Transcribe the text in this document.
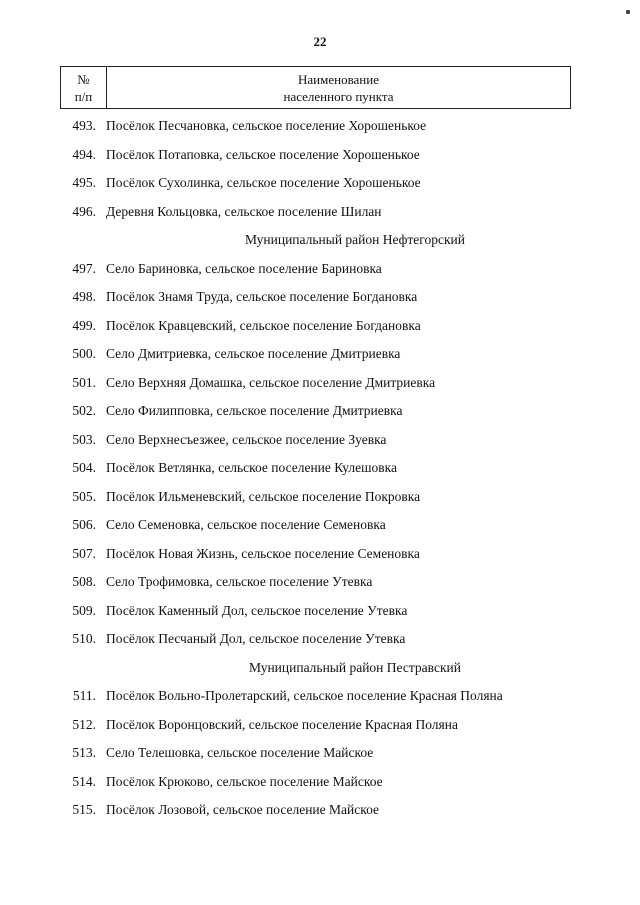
22
№
п/п
Наименование
населенного пункта
493. Посёлок Песчановка, сельское поселение Хорошенькое
494. Посёлок Потаповка, сельское поселение Хорошенькое
495. Посёлок Сухолинка, сельское поселение Хорошенькое
496. Деревня Кольцовка, сельское поселение Шилан
Муниципальный район Нефтегорский
497. Село Бариновка, сельское поселение Бариновка
498. Посёлок Знамя Труда, сельское поселение Богдановка
499. Посёлок Кравцевский, сельское поселение Богдановка
500. Село Дмитриевка, сельское поселение Дмитриевка
501. Село Верхняя Домашка, сельское поселение Дмитриевка
502. Село Филипповка, сельское поселение Дмитриевка
503. Село Верхнесъезжее, сельское поселение Зуевка
504. Посёлок Ветлянка, сельское поселение Кулешовка
505. Посёлок Ильменевский, сельское поселение Покровка
506. Село Семеновка, сельское поселение Семеновка
507. Посёлок Новая Жизнь, сельское поселение Семеновка
508. Село Трофимовка, сельское поселение Утевка
509. Посёлок Каменный Дол, сельское поселение Утевка
510. Посёлок Песчаный Дол, сельское поселение Утевка
Муниципальный район Пестравский
511. Посёлок Вольно-Пролетарский, сельское поселение Красная Поляна
512. Посёлок Воронцовский, сельское поселение Красная Поляна
513. Село Телешовка, сельское поселение Майское
514. Посёлок Крюково, сельское поселение Майское
515. Посёлок Лозовой, сельское поселение Майское
